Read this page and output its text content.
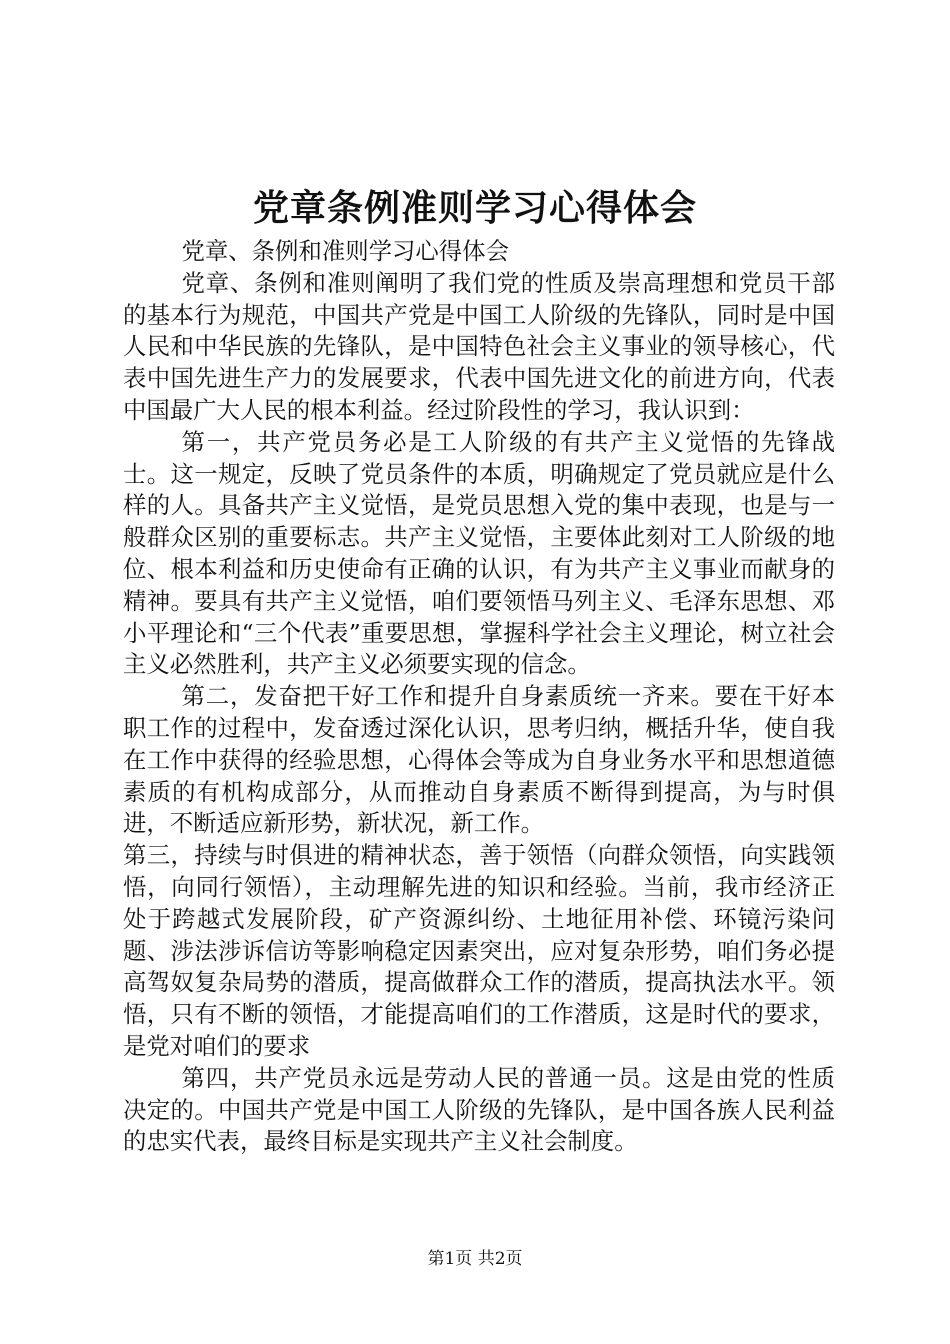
党章条例准则学习心得体会

党章、条例和准则学习心得体会

党章、条例和准则阐明了我们党的性质及崇高理想和党员干部的基本行为规范，中国共产党是中国工人阶级的先锋队，同时是中国人民和中华民族的先锋队，是中国特色社会主义事业的领导核心，代表中国先进生产力的发展要求，代表中国先进文化的前进方向，代表中国最广大人民的根本利益。经过阶段性的学习，我认识到：

第一，共产党员务必是工人阶级的有共产主义觉悟的先锋战士。这一规定，反映了党员条件的本质，明确规定了党员就应是什么样的人。具备共产主义觉悟，是党员思想入党的集中表现，也是与一般群众区别的重要标志。共产主义觉悟，主要体此刻对工人阶级的地位、根本利益和历史使命有正确的认识，有为共产主义事业而献身的精神。要具有共产主义觉悟，咱们要领悟马列主义、毛泽东思想、邓小平理论和“三个代表”重要思想，掌握科学社会主义理论，树立社会主义必然胜利，共产主义必须要实现的信念。

第二，发奋把干好工作和提升自身素质统一齐来。要在干好本职工作的过程中，发奋透过深化认识，思考归纳，概括升华，使自我在工作中获得的经验思想，心得体会等成为自身业务水平和思想道德素质的有机构成部分，从而推动自身素质不断得到提高，为与时俱进，不断适应新形势，新状况，新工作。

第三，持续与时俱进的精神状态，善于领悟（向群众领悟，向实践领悟，向同行领悟），主动理解先进的知识和经验。当前，我市经济正处于跨越式发展阶段，矿产资源纠纷、土地征用补偿、环镜污染问题、涉法涉诉信访等影响稳定因素突出，应对复杂形势，咱们务必提高驾奴复杂局势的潜质，提高做群众工作的潜质，提高执法水平。领悟，只有不断的领悟，才能提高咱们的工作潜质，这是时代的要求，是党对咱们的要求

第四，共产党员永远是劳动人民的普通一员。这是由党的性质决定的。中国共产党是中国工人阶级的先锋队，是中国各族人民利益的忠实代表，最终目标是实现共产主义社会制度。

第1页 共2页
